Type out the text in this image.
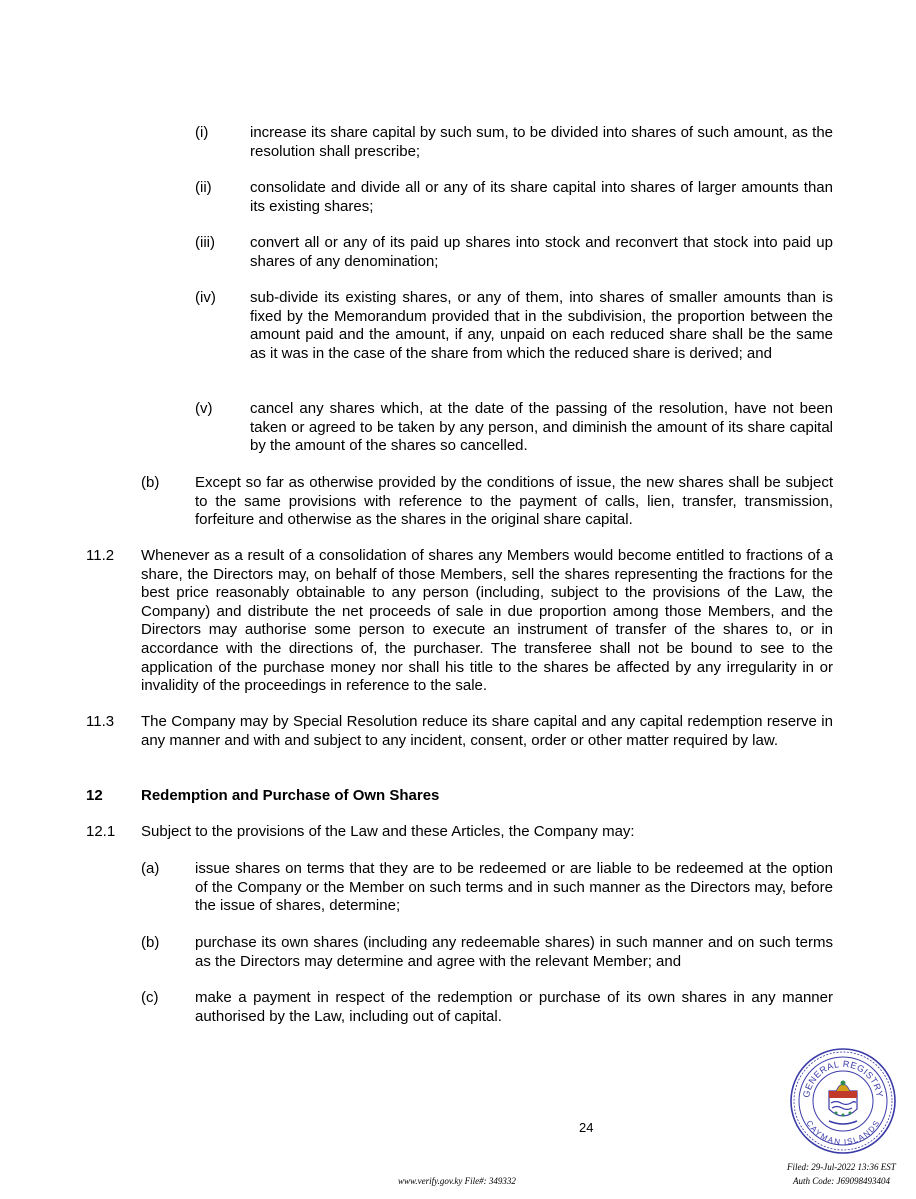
(i)	increase its share capital by such sum, to be divided into shares of such amount, as the resolution shall prescribe;
(ii)	consolidate and divide all or any of its share capital into shares of larger amounts than its existing shares;
(iii) convert all or any of its paid up shares into stock and reconvert that stock into paid up shares of any denomination;
(iv) sub-divide its existing shares, or any of them, into shares of smaller amounts than is fixed by the Memorandum provided that in the subdivision, the proportion between the amount paid and the amount, if any, unpaid on each reduced share shall be the same as it was in the case of the share from which the reduced share is derived; and
(v)	cancel any shares which, at the date of the passing of the resolution, have not been taken or agreed to be taken by any person, and diminish the amount of its share capital by the amount of the shares so cancelled.
(b) Except so far as otherwise provided by the conditions of issue, the new shares shall be subject to the same provisions with reference to the payment of calls, lien, transfer, transmission, forfeiture and otherwise as the shares in the original share capital.
11.2 Whenever as a result of a consolidation of shares any Members would become entitled to fractions of a share, the Directors may, on behalf of those Members, sell the shares representing the fractions for the best price reasonably obtainable to any person (including, subject to the provisions of the Law, the Company) and distribute the net proceeds of sale in due proportion among those Members, and the Directors may authorise some person to execute an instrument of transfer of the shares to, or in accordance with the directions of, the purchaser. The transferee shall not be bound to see to the application of the purchase money nor shall his title to the shares be affected by any irregularity in or invalidity of the proceedings in reference to the sale.
11.3 The Company may by Special Resolution reduce its share capital and any capital redemption reserve in any manner and with and subject to any incident, consent, order or other matter required by law.
12	Redemption and Purchase of Own Shares
12.1 Subject to the provisions of the Law and these Articles, the Company may:
(a) issue shares on terms that they are to be redeemed or are liable to be redeemed at the option of the Company or the Member on such terms and in such manner as the Directors may, before the issue of shares, determine;
(b) purchase its own shares (including any redeemable shares) in such manner and on such terms as the Directors may determine and agree with the relevant Member; and
(c) make a payment in respect of the redemption or purchase of its own shares in any manner authorised by the Law, including out of capital.
24
GENERAL REGISTRY
CAYMAN ISLANDS
www.verify.gov.ky File#: 349332
Filed: 29-Jul-2022 13:36 EST
Auth Code: J69098493404
